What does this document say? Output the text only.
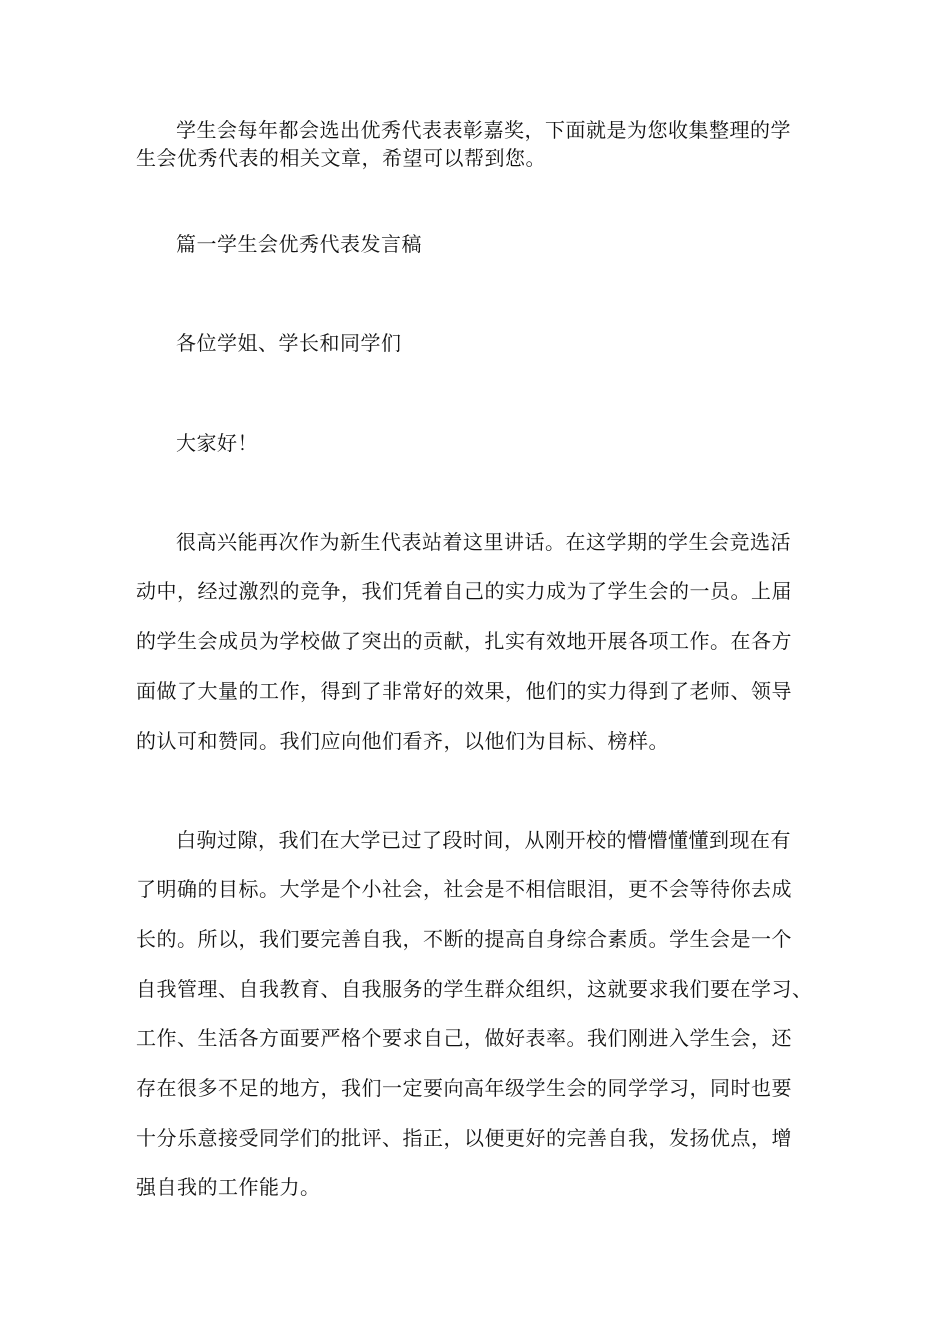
学生会每年都会选出优秀代表表彰嘉奖，下面就是为您收集整理的学
生会优秀代表的相关文章，希望可以帮到您。
篇一学生会优秀代表发言稿
各位学姐、学长和同学们
大家好！
很高兴能再次作为新生代表站着这里讲话。在这学期的学生会竞选活
动中，经过激烈的竞争，我们凭着自己的实力成为了学生会的一员。上届
的学生会成员为学校做了突出的贡献，扎实有效地开展各项工作。在各方
面做了大量的工作，得到了非常好的效果，他们的实力得到了老师、领导
的认可和赞同。我们应向他们看齐，以他们为目标、榜样。
白驹过隙，我们在大学已过了段时间，从刚开校的懵懵懂懂到现在有
了明确的目标。大学是个小社会，社会是不相信眼泪，更不会等待你去成
长的。所以，我们要完善自我，不断的提高自身综合素质。学生会是一个
自我管理、自我教育、自我服务的学生群众组织，这就要求我们要在学习、
工作、生活各方面要严格个要求自己，做好表率。我们刚进入学生会，还
存在很多不足的地方，我们一定要向高年级学生会的同学学习，同时也要
十分乐意接受同学们的批评、指正，以便更好的完善自我，发扬优点，增
强自我的工作能力。
